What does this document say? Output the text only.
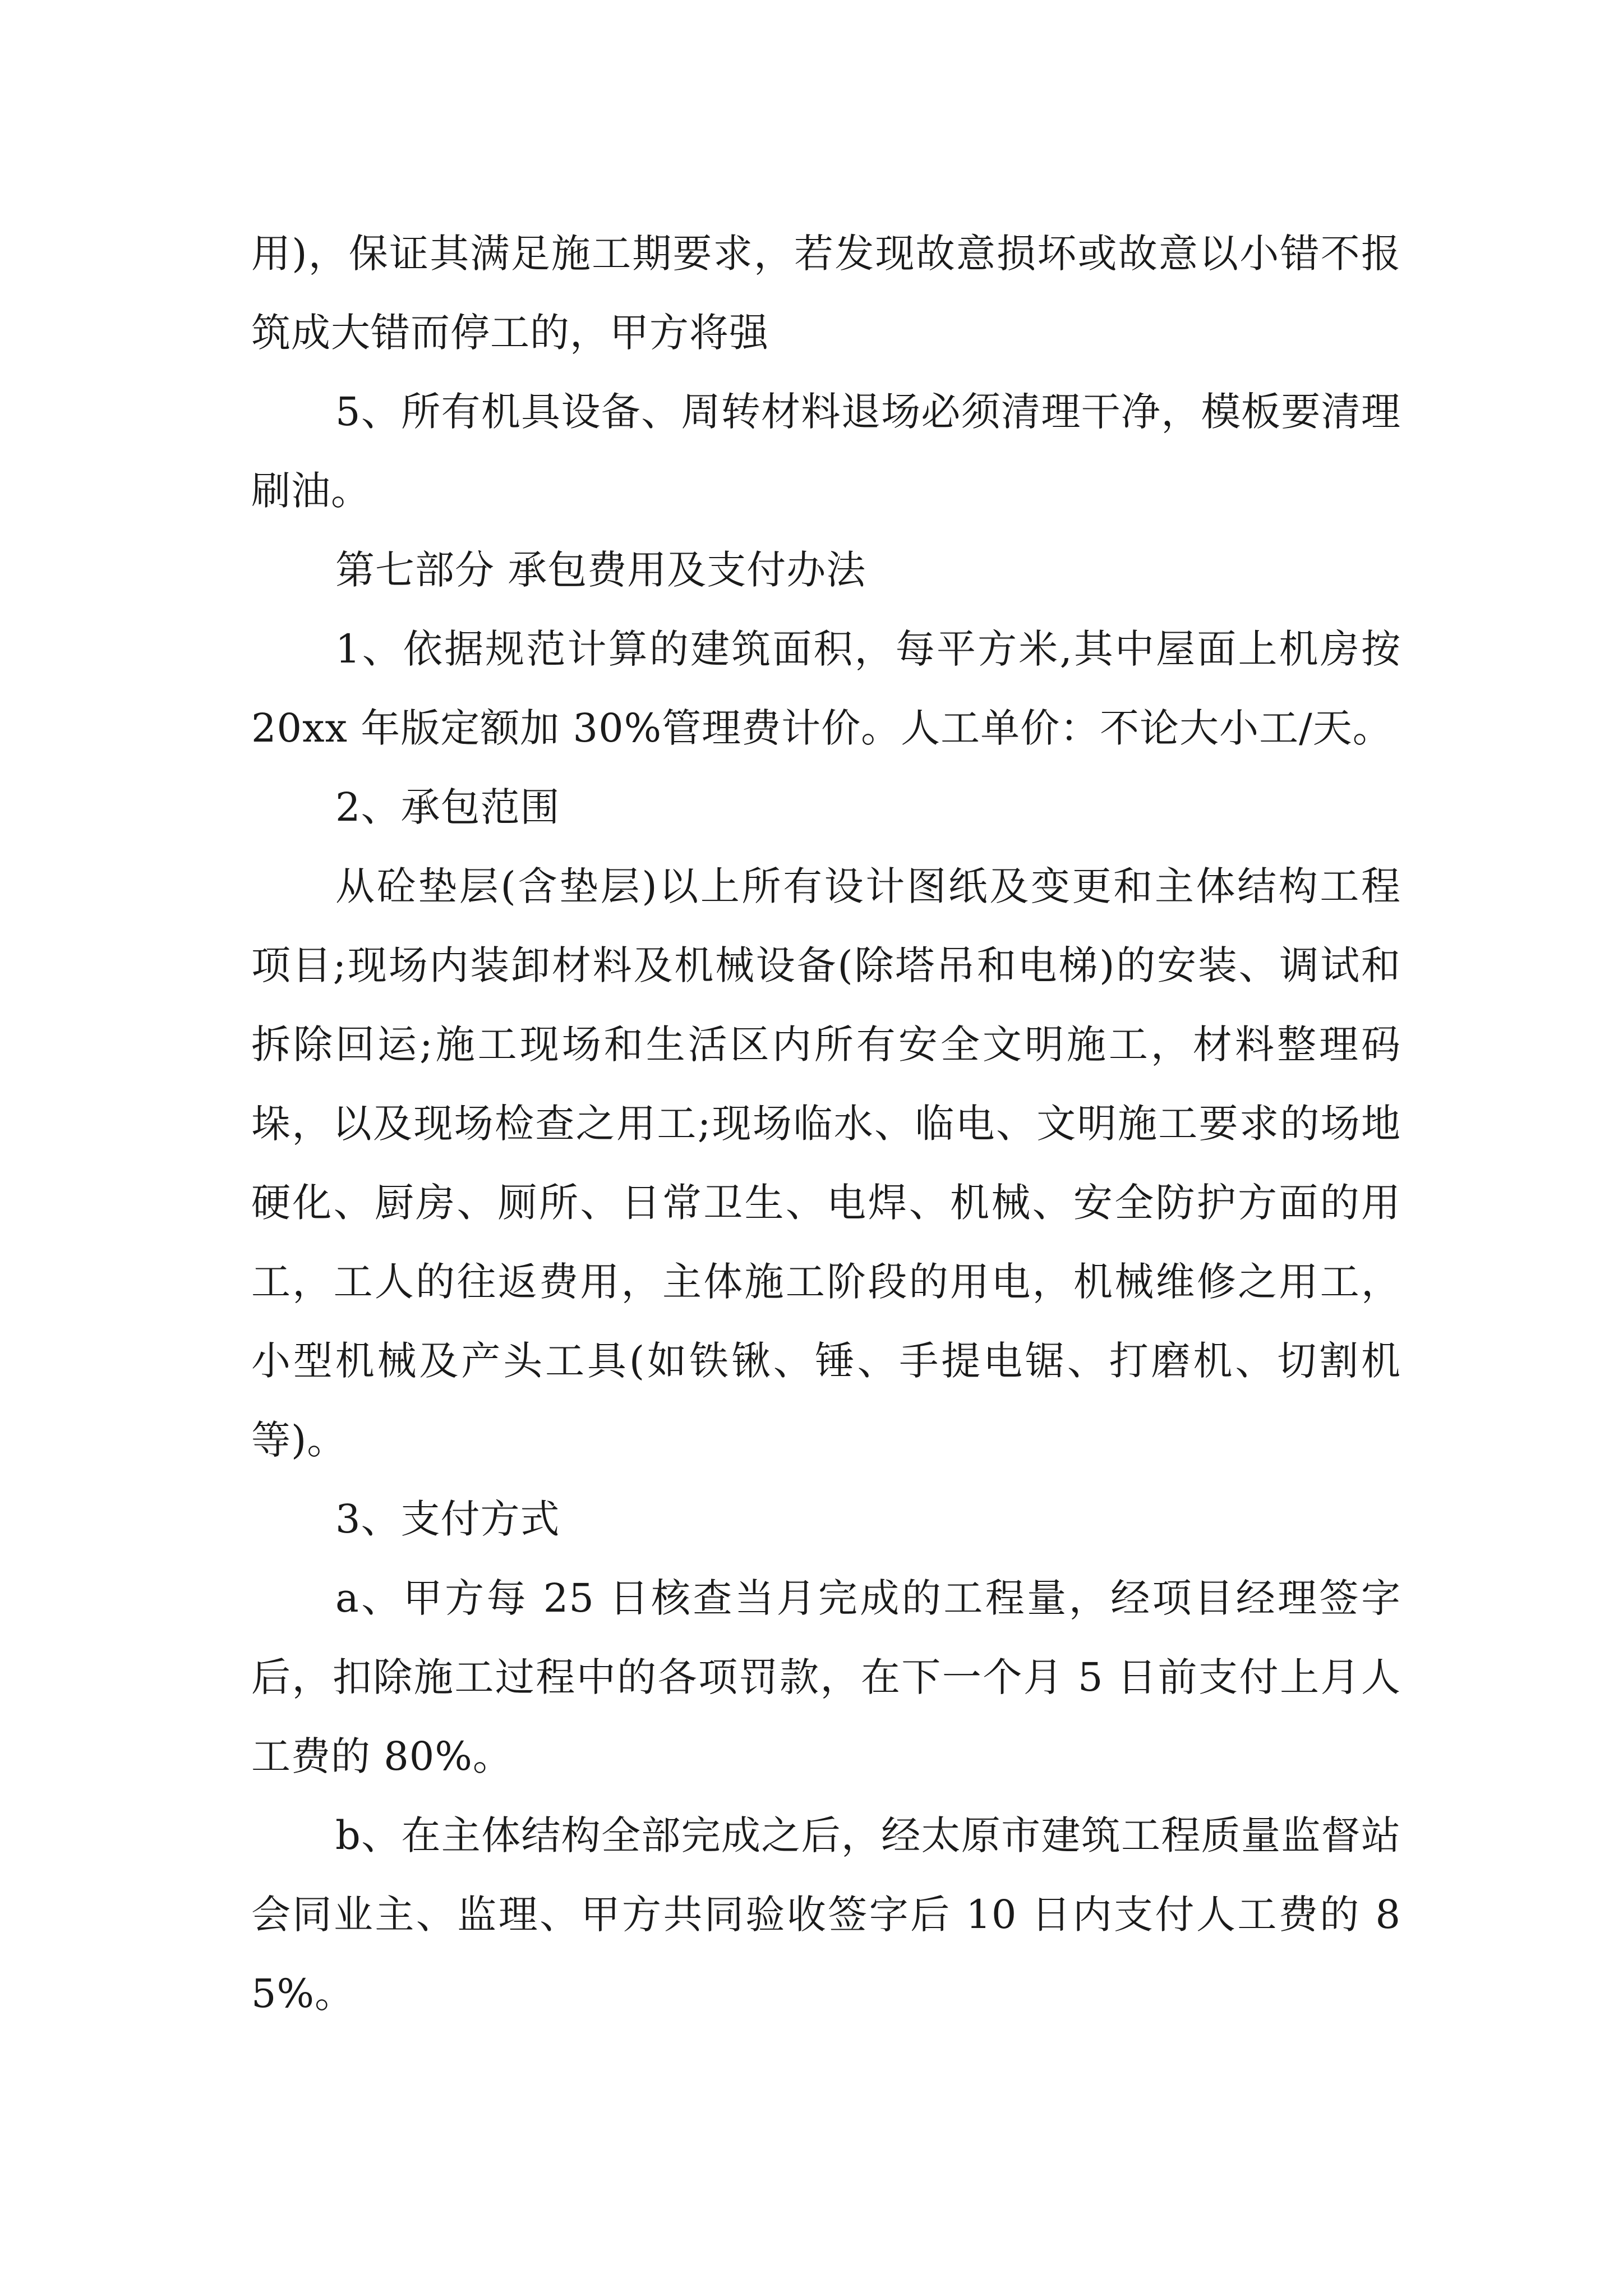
用)，保证其满足施工期要求，若发现故意损坏或故意以小错不报筑成大错而停工的，甲方将强

5、所有机具设备、周转材料退场必须清理干净，模板要清理刷油。

第七部分 承包费用及支付办法

1、依据规范计算的建筑面积，每平方米,其中屋面上机房按 20xx 年版定额加 30%管理费计价。人工单价：不论大小工/天。

2、承包范围

从砼垫层(含垫层)以上所有设计图纸及变更和主体结构工程项目;现场内装卸材料及机械设备(除塔吊和电梯)的安装、调试和拆除回运;施工现场和生活区内所有安全文明施工，材料整理码垛，以及现场检查之用工;现场临水、临电、文明施工要求的场地硬化、厨房、厕所、日常卫生、电焊、机械、安全防护方面的用工，工人的往返费用，主体施工阶段的用电，机械维修之用工，小型机械及产头工具(如铁锹、锤、手提电锯、打磨机、切割机等)。

3、支付方式

a、甲方每 25 日核查当月完成的工程量，经项目经理签字后，扣除施工过程中的各项罚款，在下一个月 5 日前支付上月人工费的 80%。

b、在主体结构全部完成之后，经太原市建筑工程质量监督站会同业主、监理、甲方共同验收签字后 10 日内支付人工费的 85%。
